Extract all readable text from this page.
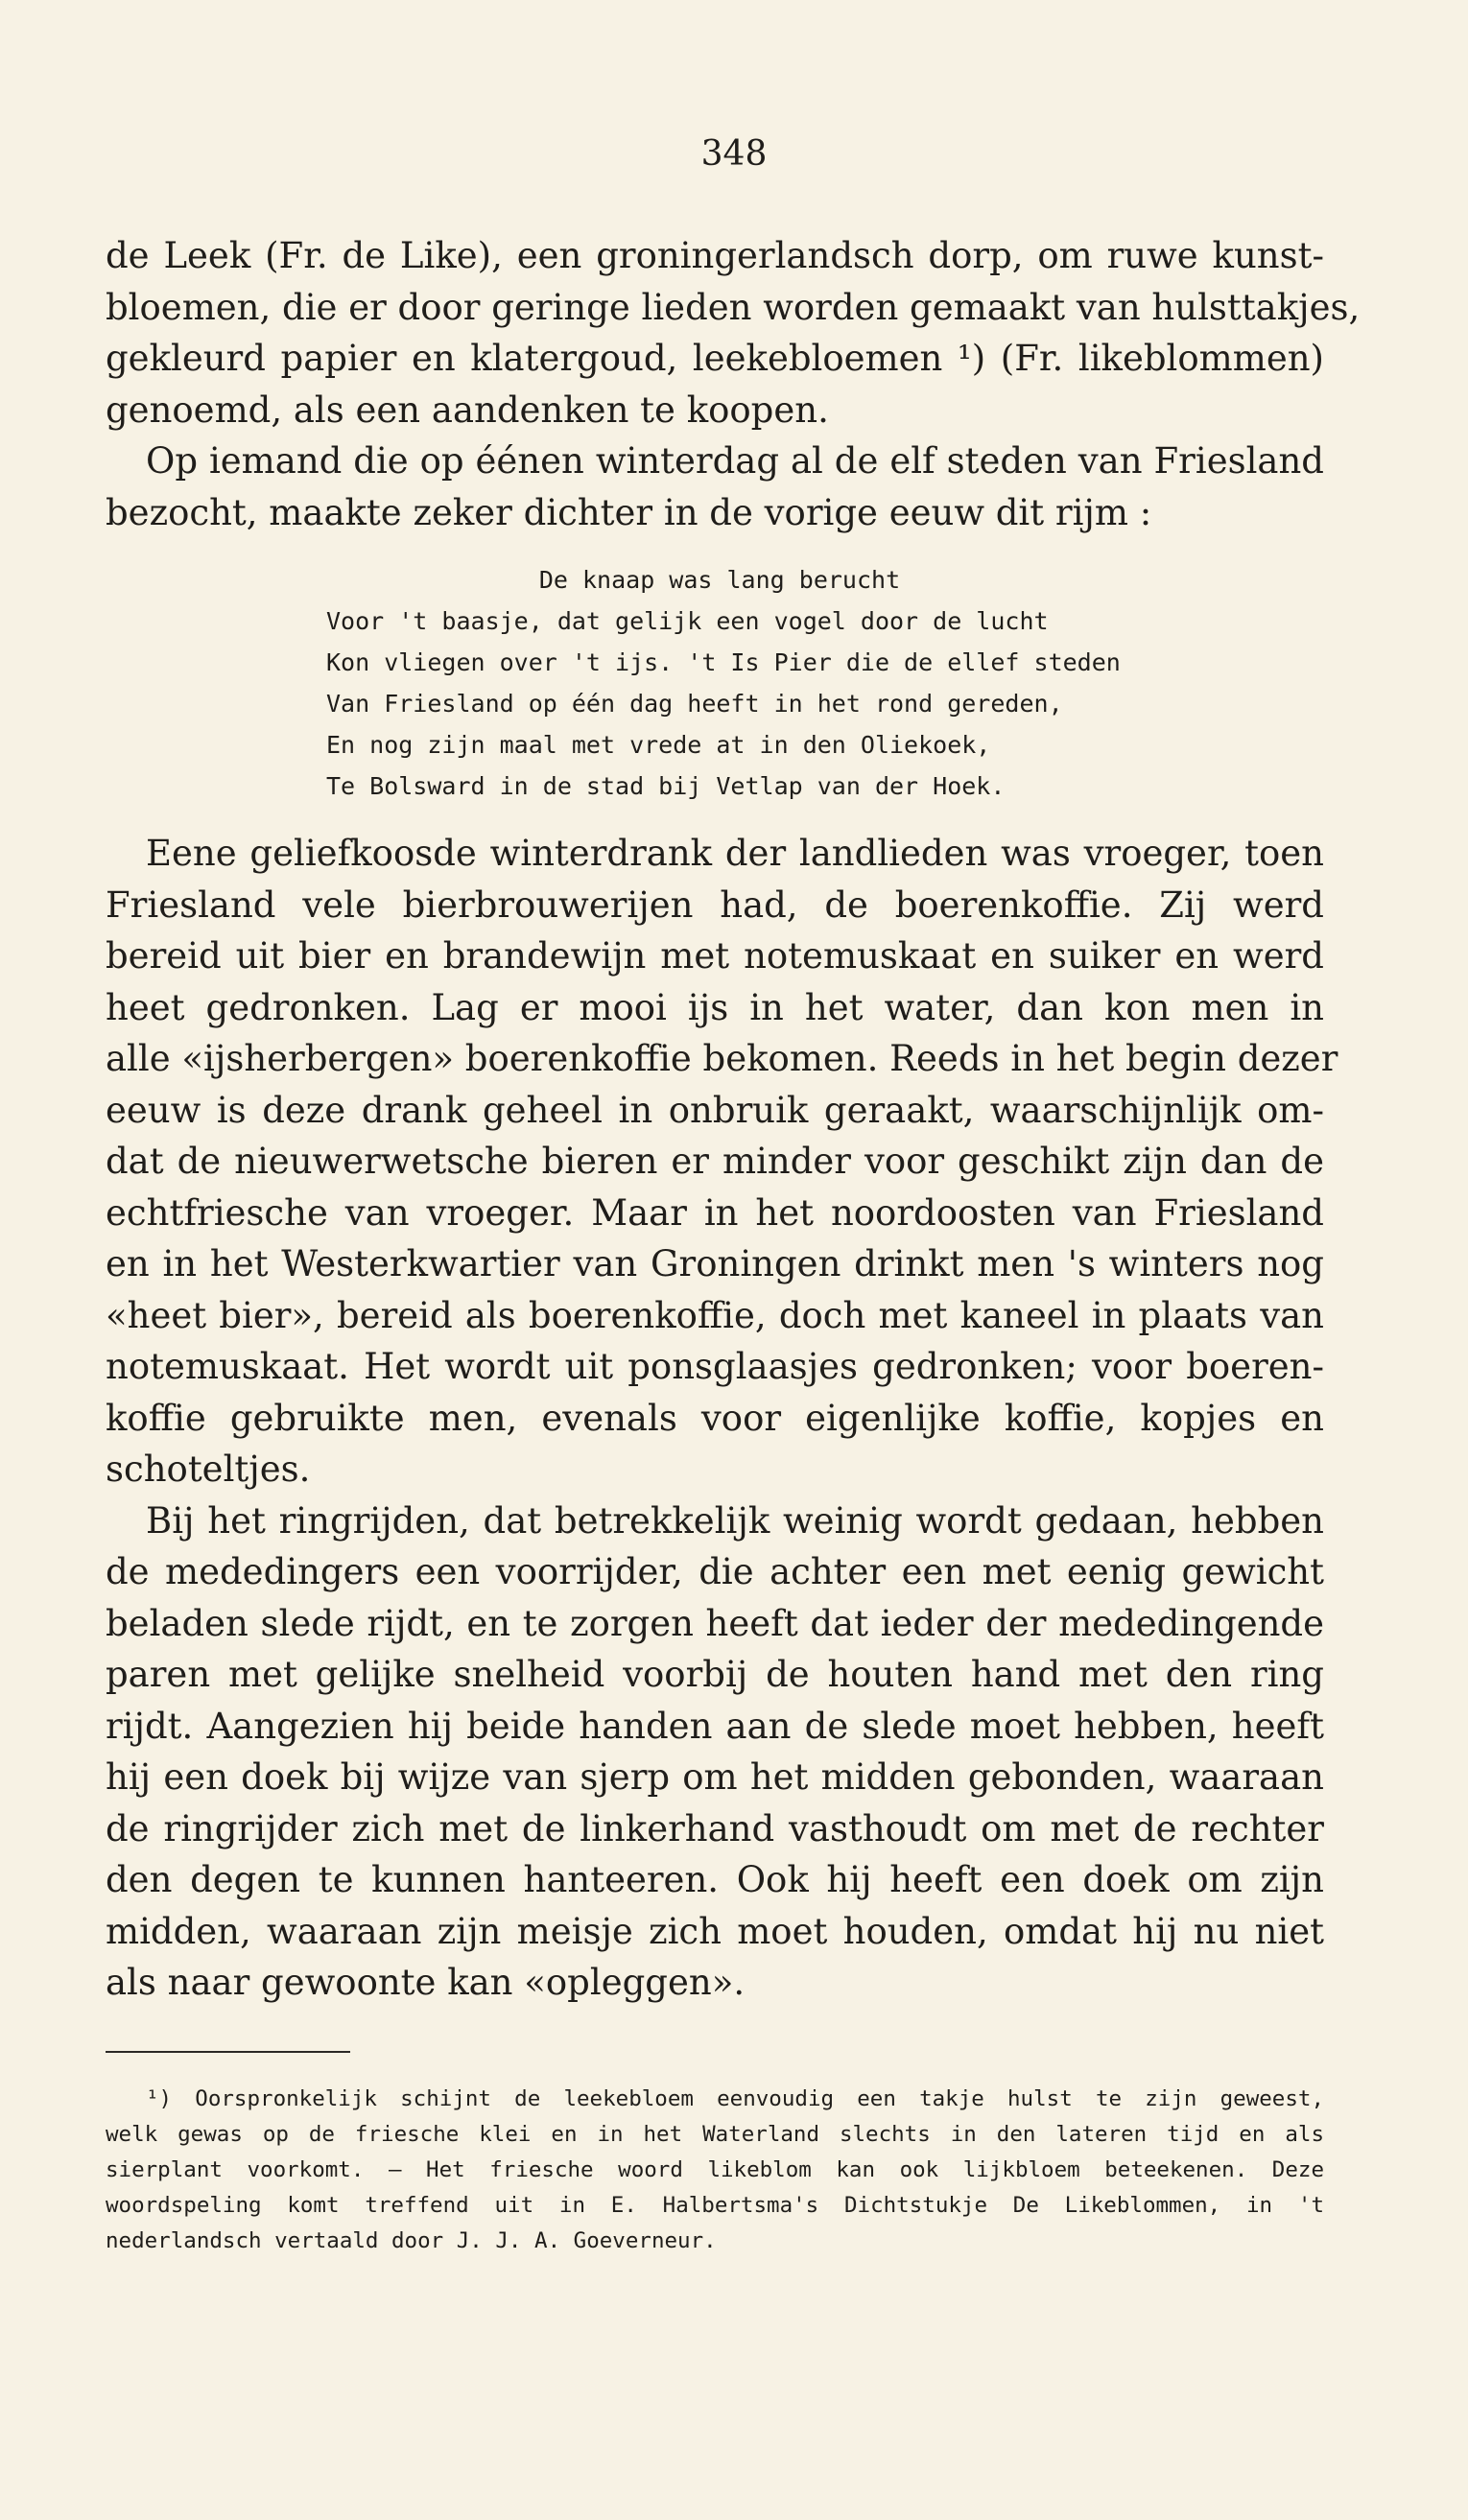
348
de Leek (Fr. de Like), een groningerlandsch dorp, om ruwe kunst-
bloemen, die er door geringe lieden worden gemaakt van hulsttakjes,
gekleurd papier en klatergoud, leekebloemen ¹) (Fr. likeblommen)
genoemd, als een aandenken te koopen.
Op iemand die op éénen winterdag al de elf steden van Friesland
bezocht, maakte zeker dichter in de vorige eeuw dit rijm :
De knaap was lang berucht
Voor 't baasje, dat gelijk een vogel door de lucht
Kon vliegen over 't ijs. 't Is Pier die de ellef steden
Van Friesland op één dag heeft in het rond gereden,
En nog zijn maal met vrede at in den Oliekoek,
Te Bolsward in de stad bij Vetlap van der Hoek.
Eene geliefkoosde winterdrank der landlieden was vroeger, toen
Friesland vele bierbrouwerijen had, de boerenkoffie. Zij werd
bereid uit bier en brandewijn met notemuskaat en suiker en werd
heet gedronken. Lag er mooi ijs in het water, dan kon men in
alle «ijsherbergen» boerenkoffie bekomen. Reeds in het begin dezer
eeuw is deze drank geheel in onbruik geraakt, waarschijnlijk om-
dat de nieuwerwetsche bieren er minder voor geschikt zijn dan de
echtfriesche van vroeger. Maar in het noordoosten van Friesland
en in het Westerkwartier van Groningen drinkt men 's winters nog
«heet bier», bereid als boerenkoffie, doch met kaneel in plaats van
notemuskaat. Het wordt uit ponsglaasjes gedronken; voor boeren-
koffie gebruikte men, evenals voor eigenlijke koffie, kopjes en
schoteltjes.
Bij het ringrijden, dat betrekkelijk weinig wordt gedaan, hebben
de mededingers een voorrijder, die achter een met eenig gewicht
beladen slede rijdt, en te zorgen heeft dat ieder der mededingende
paren met gelijke snelheid voorbij de houten hand met den ring
rijdt. Aangezien hij beide handen aan de slede moet hebben, heeft
hij een doek bij wijze van sjerp om het midden gebonden, waaraan
de ringrijder zich met de linkerhand vasthoudt om met de rechter
den degen te kunnen hanteeren. Ook hij heeft een doek om zijn
midden, waaraan zijn meisje zich moet houden, omdat hij nu niet
als naar gewoonte kan «opleggen».
¹) Oorspronkelijk schijnt de leekebloem eenvoudig een takje hulst te zijn geweest,
welk gewas op de friesche klei en in het Waterland slechts in den lateren tijd en als
sierplant voorkomt. — Het friesche woord likeblom kan ook lijkbloem beteekenen. Deze
woordspeling komt treffend uit in E. Halbertsma's Dichtstukje De Likeblommen, in 't
nederlandsch vertaald door J. J. A. Goeverneur.
